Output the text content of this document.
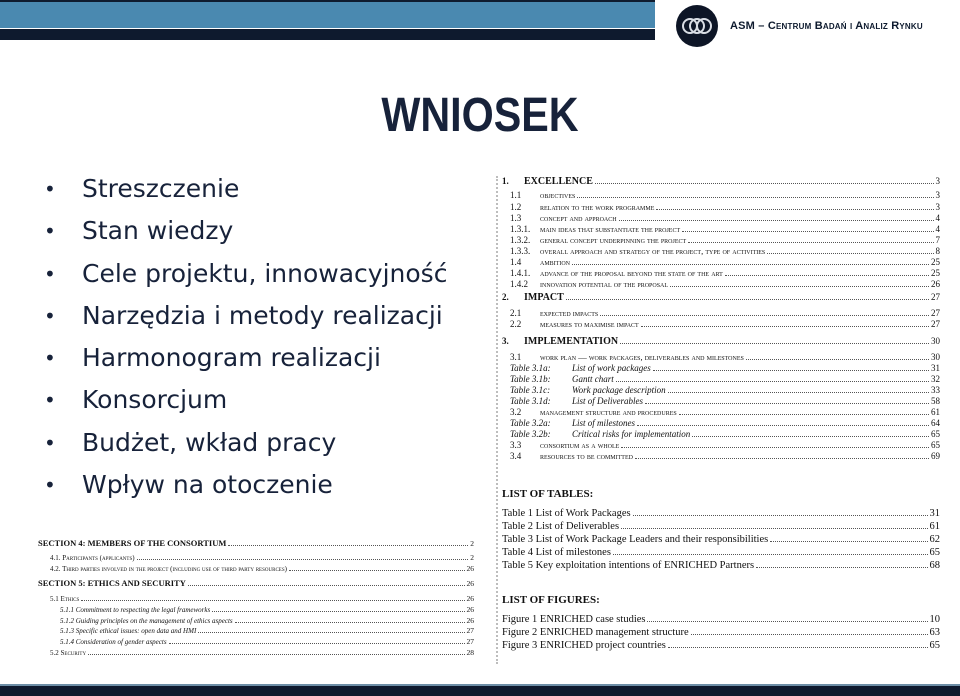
ASM – Centrum Badań i Analiz Rynku
WNIOSEK
• Streszczenie
• Stan wiedzy
• Cele projektu, innowacyjność
• Narzędzia i metody realizacji
• Harmonogram realizacji
• Konsorcjum
• Budżet, wkład pracy
• Wpływ na otoczenie
1.	EXCELLENCE	3
1.1	objectives	3
1.2	relation to the work programme	3
1.3	concept and approach	4
1.3.1.	main ideas that substantiate the project	4
1.3.2.	general concept underpinning the project	7
1.3.3.	overall approach and strategy of the project, type of activities	8
1.4	ambition	25
1.4.1.	advance of the proposal beyond the state of the art	25
1.4.2	innovation potential of the proposal	26
2.	IMPACT	27
2.1	expected impacts	27
2.2	measures to maximise impact	27
3.	IMPLEMENTATION	30
3.1	work plan — work packages, deliverables and milestones	30
Table 3.1a:	List of work packages	31
Table 3.1b:	Gantt chart	32
Table 3.1c:	Work package description	33
Table 3.1d:	List of Deliverables	58
3.2	management structure and procedures	61
Table 3.2a:	List of milestones	64
Table 3.2b:	Critical risks for implementation	65
3.3	consortium as a whole	65
3.4	resources to be committed	69
LIST OF TABLES:
Table 1 List of Work Packages	31
Table 2 List of Deliverables	61
Table 3 List of Work Package Leaders and their responsibilities	62
Table 4 List of milestones	65
Table 5 Key exploitation intentions of ENRICHED Partners	68
LIST OF FIGURES:
Figure 1 ENRICHED case studies	10
Figure 2 ENRICHED management structure	63
Figure 3 ENRICHED project countries	65
SECTION 4: MEMBERS OF THE CONSORTIUM	2
4.1. Participants (applicants)	2
4.2. Third parties involved in the project (including use of third party resources)	26
SECTION 5: ETHICS AND SECURITY	26
5.1 Ethics	26
5.1.1 Commitment to respecting the legal frameworks	26
5.1.2 Guiding principles on the management of ethics aspects	26
5.1.3 Specific ethical issues: open data and HMI	27
5.1.4 Consideration of gender aspects	27
5.2 Security	28
